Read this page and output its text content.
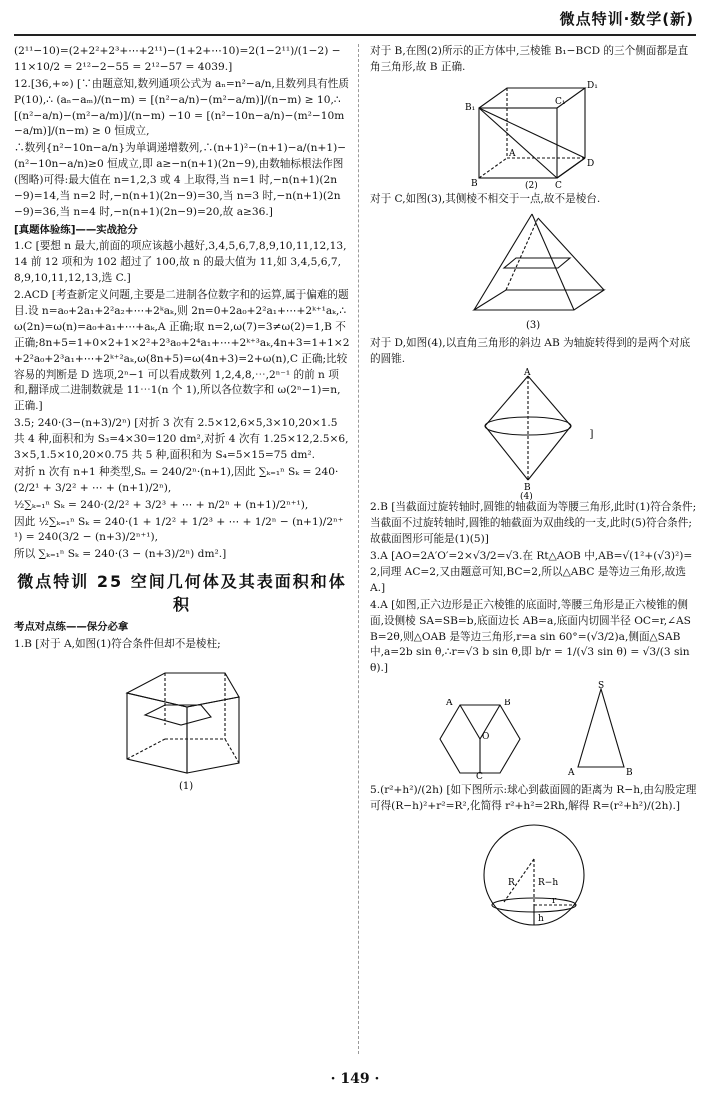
微点特训·数学(新)

(2¹¹−10)=(2+2²+2³+⋯+2¹¹)−(1+2+⋯10)=2(1−2¹¹)/(1−2) − 11×10/2 = 2¹²−2−55 = 2¹²−57 = 4039.]

12.[36,+∞) [∵由题意知,数列通项公式为 aₙ=n²−a/n,且数列具有性质 P(10),∴ (aₙ−aₘ)/(n−m) = [(n²−a/n)−(m²−a/m)]/(n−m) ≥ 10,∴ [(n²−a/n)−(m²−a/m)]/(n−m) −10 = [(n²−10n−a/n)−(m²−10m−a/m)]/(n−m) ≥ 0 恒成立,

∴数列{n²−10n−a/n}为单调递增数列,∴(n+1)²−(n+1)−a/(n+1)−(n²−10n−a/n)≥0 恒成立,即 a≥−n(n+1)(2n−9),由数轴标根法作图(图略)可得:最大值在 n=1,2,3 或 4 上取得,当 n=1 时,−n(n+1)(2n−9)=14,当 n=2 时,−n(n+1)(2n−9)=30,当 n=3 时,−n(n+1)(2n−9)=36,当 n=4 时,−n(n+1)(2n−9)=20,故 a≥36.]

[真题体验练]——实战抢分

1.C [要想 n 最大,前面的项应该越小越好,3,4,5,6,7,8,9,10,11,12,13,14 前 12 项和为 102 超过了 100,故 n 的最大值为 11,如 3,4,5,6,7,8,9,10,11,12,13,选 C.]

2.ACD [考查新定义问题,主要是二进制各位数字和的运算,属于偏难的题目.设 n=a₀+2a₁+2²a₂+⋯+2ᵏaₖ,则 2n=0+2a₀+2²a₁+⋯+2ᵏ⁺¹aₖ,∴ω(2n)=ω(n)=a₀+a₁+⋯+aₖ,A 正确;取 n=2,ω(7)=3≠ω(2)=1,B 不正确;8n+5=1+0×2+1×2²+2³a₀+2⁴a₁+⋯+2ᵏ⁺³aₖ,4n+3=1+1×2+2²a₀+2³a₁+⋯+2ᵏ⁺²aₖ,ω(8n+5)=ω(4n+3)=2+ω(n),C 正确;比较容易的判断是 D 选项,2ⁿ−1 可以看成数列 1,2,4,8,⋯,2ⁿ⁻¹ 的前 n 项和,翻译成二进制数就是 11⋯1(n 个 1),所以各位数字和 ω(2ⁿ−1)=n,正确.]

3.5; 240·(3−(n+3)/2ⁿ) [对折 3 次有 2.5×12,6×5,3×10,20×1.5 共 4 种,面积和为 S₃=4×30=120 dm²,对折 4 次有 1.25×12,2.5×6,3×5,1.5×10,20×0.75 共 5 种,面积和为 S₄=5×15=75 dm².

对折 n 次有 n+1 种类型,Sₙ = 240/2ⁿ·(n+1),因此 ∑ₖ₌₁ⁿ Sₖ = 240·(2/2¹ + 3/2² + ⋯ + (n+1)/2ⁿ),

½∑ₖ₌₁ⁿ Sₖ = 240·(2/2² + 3/2³ + ⋯ + n/2ⁿ + (n+1)/2ⁿ⁺¹),

因此 ½∑ₖ₌₁ⁿ Sₖ = 240·(1 + 1/2² + 1/2³ + ⋯ + 1/2ⁿ − (n+1)/2ⁿ⁺¹) = 240(3/2 − (n+3)/2ⁿ⁺¹),

所以 ∑ₖ₌₁ⁿ Sₖ = 240·(3 − (n+3)/2ⁿ) dm².]

微点特训 25 空间几何体及其表面积和体积
考点对点练——保分必拿

1.B [对于 A,如图(1)符合条件但却不是棱柱;

(1)

对于 B,在图(2)所示的正方体中,三棱锥 B₁−BCD 的三个侧面都是直角三角形,故 B 正确.

B₁
C₁
D₁
A
B	C
D
(2)

对于 C,如图(3),其侧棱不相交于一点,故不是棱台.

(3)

对于 D,如图(4),以直角三角形的斜边 AB 为轴旋转得到的是两个对底的圆锥.

A
B
(4)
]

2.B [当截面过旋转轴时,圆锥的轴截面为等腰三角形,此时(1)符合条件;当截面不过旋转轴时,圆锥的轴截面为双曲线的一支,此时(5)符合条件;故截面图形可能是(1)(5)]

3.A [AO=2A′O′=2×√3/2=√3.在 Rt△AOB 中,AB=√(1²+(√3)²)=2,同理 AC=2,又由题意可知,BC=2,所以△ABC 是等边三角形,故选 A.]

4.A [如图,正六边形是正六棱锥的底面时,等腰三角形是正六棱锥的侧面,设侧棱 SA=SB=b,底面边长 AB=a,底面内切圆半径 OC=r,∠ASB=2θ,则△OAB 是等边三角形,r=a sin 60°=(√3/2)a,侧面△SAB 中,a=2b sin θ,∴r=√3 b sin θ,即 b/r = 1/(√3 sin θ) = √3/(3 sin θ).]

O
A	B
C
S
A	B

5.(r²+h²)/(2h) [如下图所示:球心到截面圆的距离为 R−h,由勾股定理可得(R−h)²+r²=R²,化简得 r²+h²=2Rh,解得 R=(r²+h²)/(2h).]

R	R−h
r
h
· 149 ·
